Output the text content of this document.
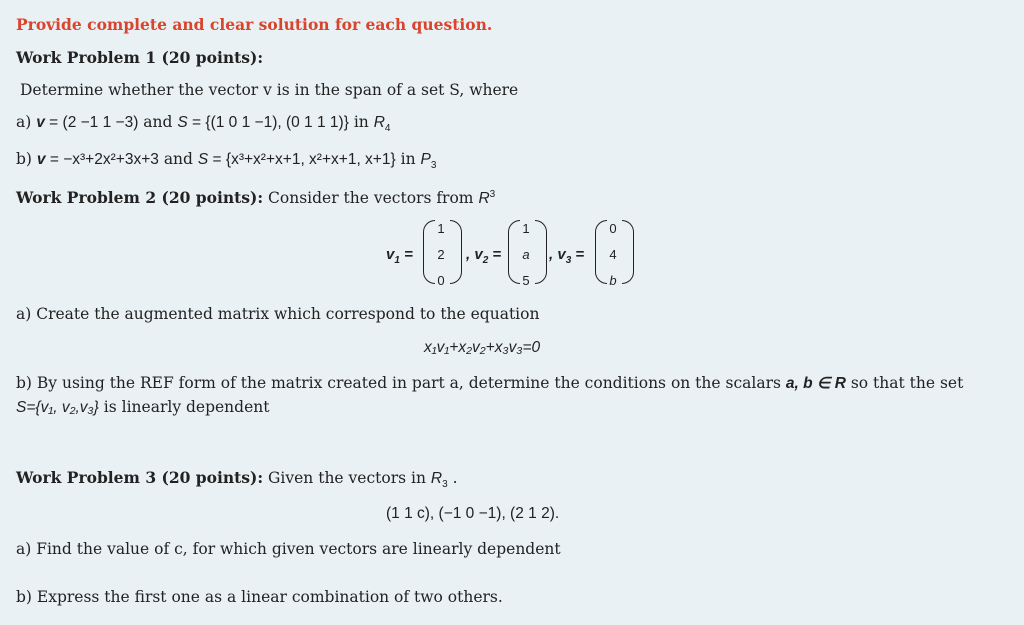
Provide complete and clear solution for each question.
Work Problem 1 (20 points):
Determine whether the vector v is in the span of a set S, where
a) v = (2 −1 1 −3) and S = {(1 0 1 −1), (0 1 1 1)} in $R_4$
b) v = −x³+2x²+3x+3 and S = {x³+x²+x+1, x²+x+1, x+1} in $P_3$
Work Problem 2 (20 points): Consider the vectors from $R^3$
$v_1$ =
1
2
0
, $v_2$ =
1
a
5
, $v_3$ =
0
4
b
a) Create the augmented matrix which correspond to the equation
x₁v₁+x₂v₂+x₃v₃=0
b) By using the REF form of the matrix created in part a, determine the conditions on the scalars a, b ∈ R so that the set
S={v₁, v₂,v₃} is linearly dependent
Work Problem 3 (20 points): Given the vectors in $R_3$ .
(1 1 c), (−1 0 −1), (2 1 2).
a) Find the value of c, for which given vectors are linearly dependent
b) Express the first one as a linear combination of two others.
